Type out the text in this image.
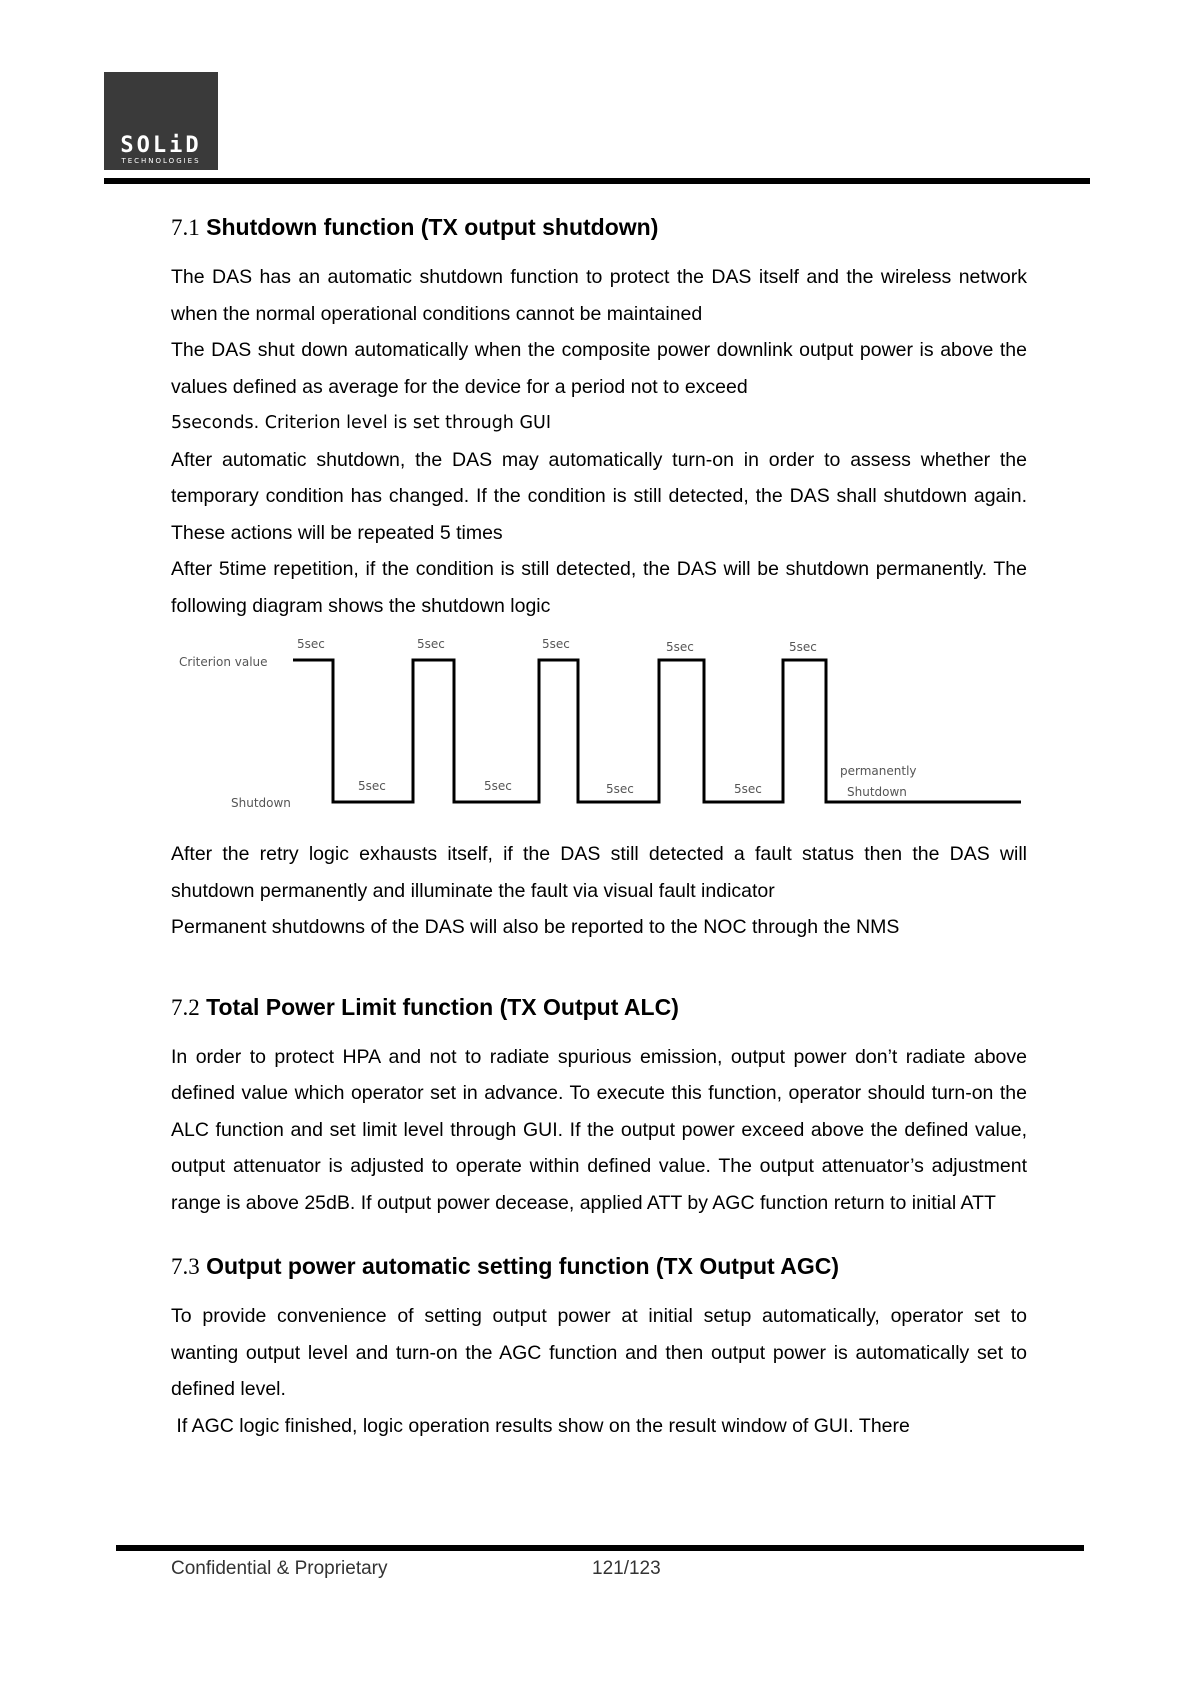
SOLiD
TECHNOLOGIES
7.1 Shutdown function (TX output shutdown)

The DAS has an automatic shutdown function to protect the DAS itself and the wireless network when the normal operational conditions cannot be maintained

The DAS shut down automatically when the composite power downlink output power is above the values defined as average for the device for a period not to exceed

5seconds. Criterion level is set through GUI

After automatic shutdown, the DAS may automatically turn-on in order to assess whether the temporary condition has changed. If the condition is still detected, the DAS shall shutdown again. These actions will be repeated 5 times

After 5time repetition, if the condition is still detected, the DAS will be shutdown permanently. The following diagram shows the shutdown logic

Criterion value
Shutdown
5sec	5sec	5sec	5sec	5sec
5sec	5sec	5sec	5sec
permanently
Shutdown

After the retry logic exhausts itself, if the DAS still detected a fault status then the DAS will shutdown permanently and illuminate the fault via visual fault indicator

Permanent shutdowns of the DAS will also be reported to the NOC through the NMS

7.2 Total Power Limit function (TX Output ALC)

In order to protect HPA and not to radiate spurious emission, output power don’t radiate above defined value which operator set in advance. To execute this function, operator should turn-on the ALC function and set limit level through GUI. If the output power exceed above the defined value, output attenuator is adjusted to operate within defined value. The output attenuator’s adjustment range is above 25dB. If output power decease, applied ATT by AGC function return to initial ATT

7.3 Output power automatic setting function (TX Output AGC)

To provide convenience of setting output power at initial setup automatically, operator set to wanting output level and turn-on the AGC function and then output power is automatically set to defined level.

If AGC logic finished, logic operation results show on the result window of GUI. There

Confidential & Proprietary	121/123
